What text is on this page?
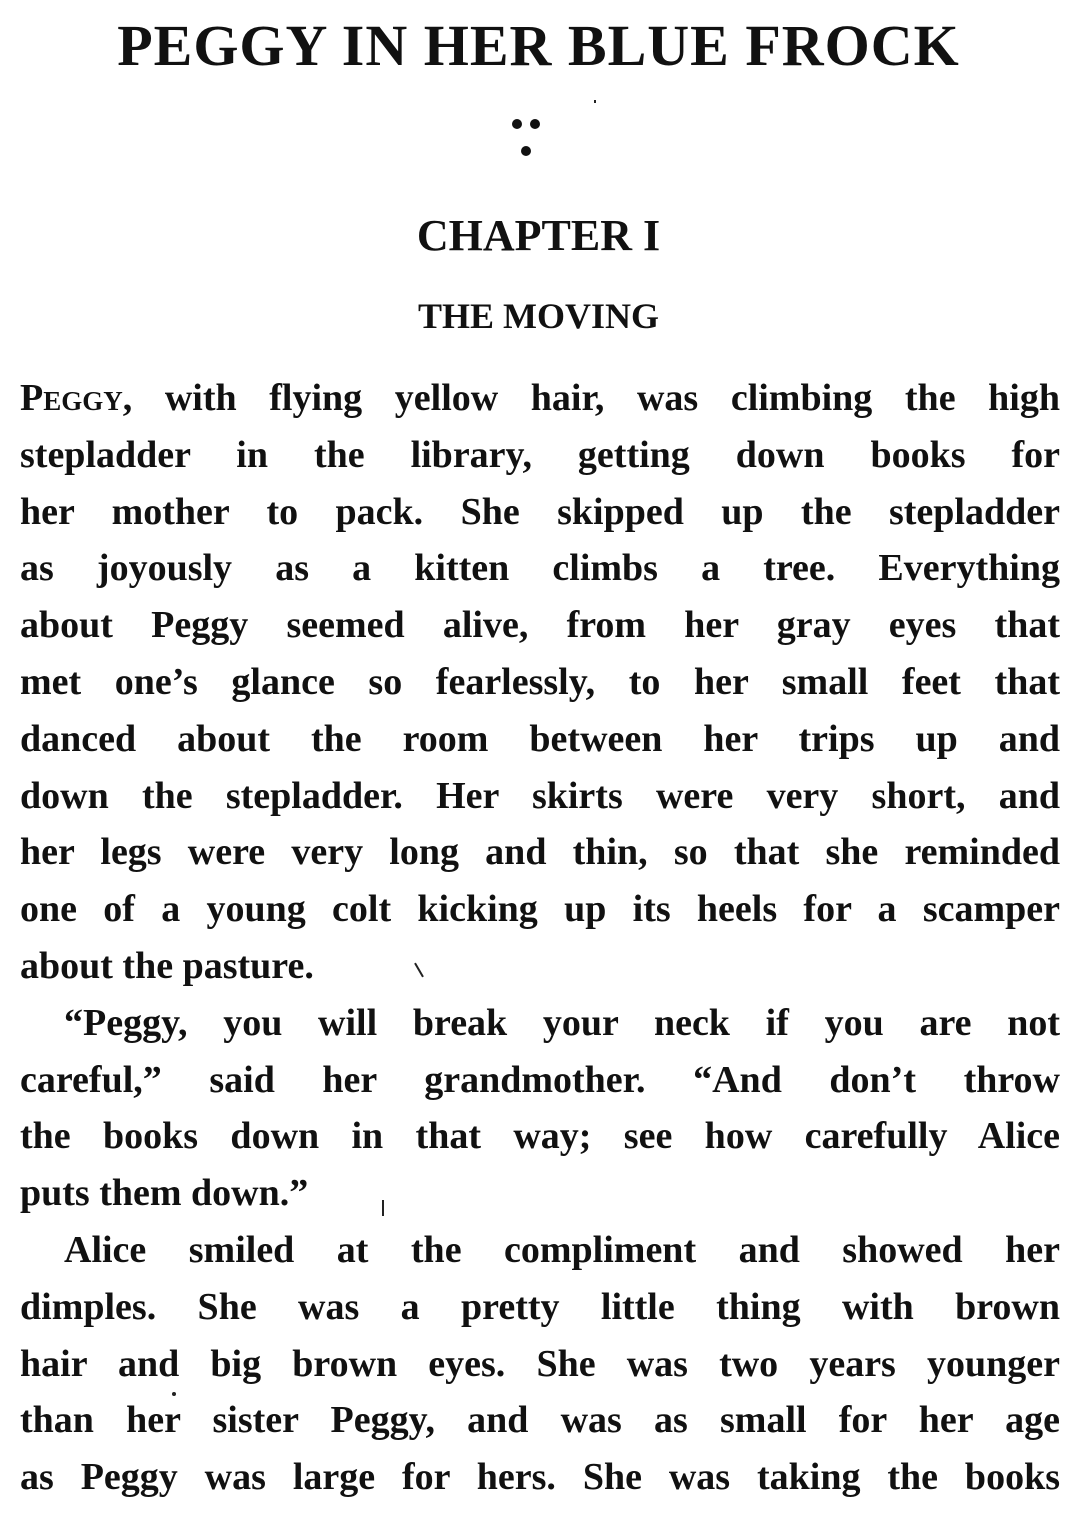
PEGGY IN HER BLUE FROCK
CHAPTER I
THE MOVING
Peggy, with flying yellow hair, was climbing the high
stepladder in the library, getting down books for
her mother to pack. She skipped up the stepladder
as joyously as a kitten climbs a tree. Everything
about Peggy seemed alive, from her gray eyes that
met one’s glance so fearlessly, to her small feet that
danced about the room between her trips up and
down the stepladder. Her skirts were very short, and
her legs were very long and thin, so that she reminded
one of a young colt kicking up its heels for a scamper
about the pasture.
“Peggy, you will break your neck if you are not
careful,” said her grandmother. “And don’t throw
the books down in that way; see how carefully Alice
puts them down.”
Alice smiled at the compliment and showed her
dimples. She was a pretty little thing with brown
hair and big brown eyes. She was two years younger
than her sister Peggy, and was as small for her age
as Peggy was large for hers. She was taking the books
